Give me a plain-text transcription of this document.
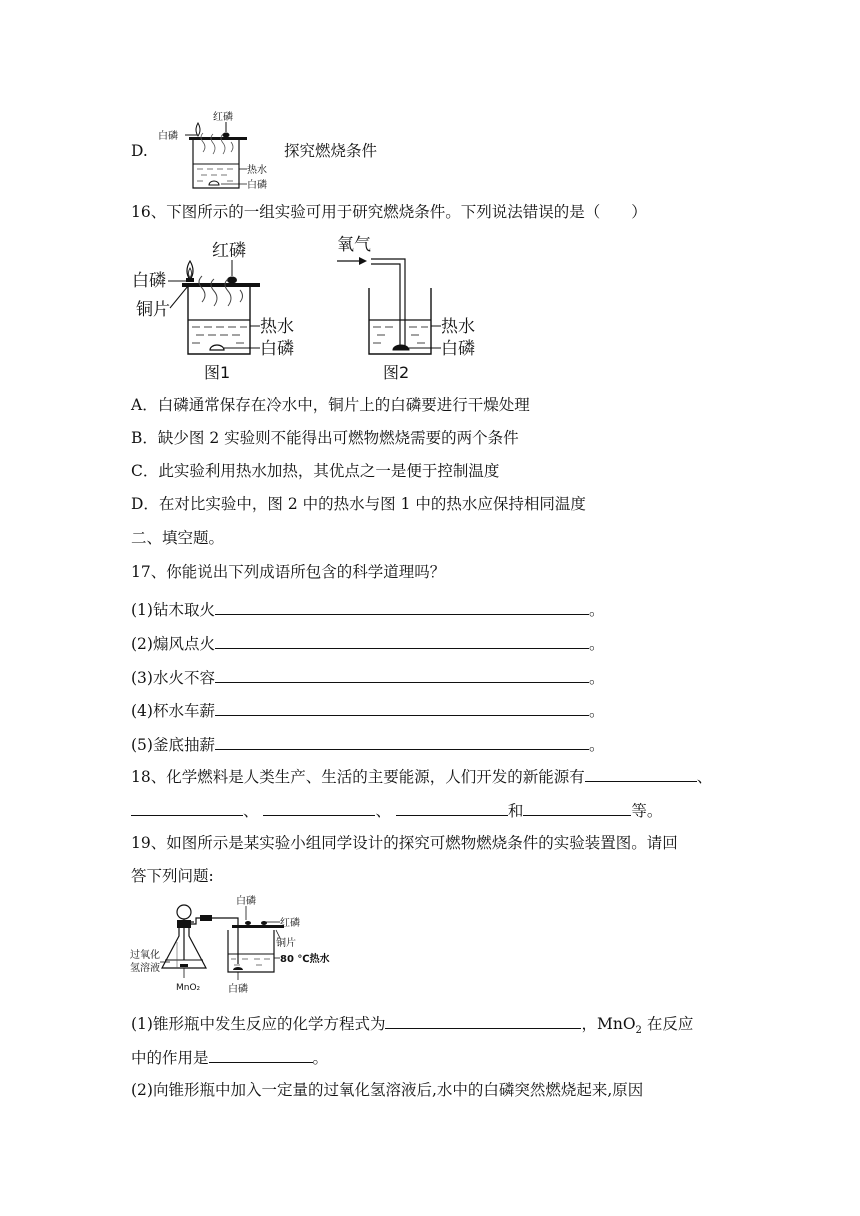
D.
红磷
白磷
热水
白磷
探究燃烧条件
16、下图所示的一组实验可用于研究燃烧条件。下列说法错误的是（　　）
红磷
白磷
铜片
热水
白磷
图1
氧气
热水
白磷
图2
A．白磷通常保存在冷水中，铜片上的白磷要进行干燥处理
B．缺少图 2 实验则不能得出可燃物燃烧需要的两个条件
C．此实验利用热水加热，其优点之一是便于控制温度
D．在对比实验中，图 2 中的热水与图 1 中的热水应保持相同温度
二、填空题。
17、你能说出下列成语所包含的科学道理吗？
(1)钻木取火	。
(2)煽风点火	。
(3)水火不容	。
(4)杯水车薪	。
(5)釜底抽薪	。
18、化学燃料是人类生产、生活的主要能源，人们开发的新能源有	、
、	、	和	等。
19、如图所示是某实验小组同学设计的探究可燃物燃烧条件的实验装置图。请回
答下列问题:
白磷
红磷
铜片
80 ℃热水
过氧化
氢溶液
MnO₂	白磷
(1)锥形瓶中发生反应的化学方程式为	，MnO$_2$ 在反应
中的作用是	。
(2)向锥形瓶中加入一定量的过氧化氢溶液后,水中的白磷突然燃烧起来,原因
